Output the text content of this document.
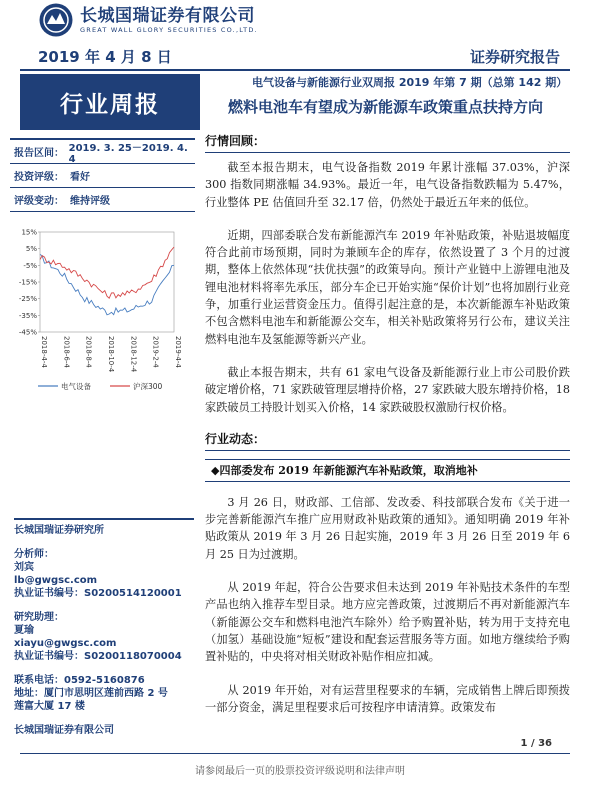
长城国瑞证券有限公司
GREAT WALL GLORY SECURITIES CO.,LTD.
2019 年 4 月 8 日	证券研究报告
行业周报
电气设备与新能源行业双周报 2019 年第 7 期（总第 142 期）
燃料电池车有望成为新能源车政策重点扶持方向
报告区间： 2019. 3. 25－2019. 4. 4
投资评级： 看好
评级变动： 维持评级
15%
5%
-5%
-15%
-25%
-35%
-45%
2018-4-4 2018-6-4 2018-8-4 2018-10-4 2018-12-4 2019-2-4 2019-4-4
电气设备	沪深300
长城国瑞证券研究所
分析师：
刘宾
lb@gwgsc.com
执业证书编号：S0200514120001
研究助理：
夏瑜
xiayu@gwgsc.com
执业证书编号：S0200118070004
联系电话：0592-5160876
地址：厦门市思明区莲前西路 2 号
莲富大厦 17 楼
长城国瑞证券有限公司
行情回顾：

截至本报告期末，电气设备指数 2019 年累计涨幅 37.03%，沪深 300 指数同期涨幅 34.93%。最近一年，电气设备指数跌幅为 5.47%，行业整体 PE 估值回升至 32.17 倍，仍然处于最近五年来的低位。

近期，四部委联合发布新能源汽车 2019 年补贴政策，补贴退坡幅度符合此前市场预期，同时为兼顾车企的库存，依然设置了 3 个月的过渡期，整体上依然体现“扶优扶强”的政策导向。预计产业链中上游锂电池及锂电池材料将率先承压，部分车企已开始实施“保价计划”也将加剧行业竞争，加重行业运营资金压力。值得引起注意的是，本次新能源车补贴政策不包含燃料电池车和新能源公交车，相关补贴政策将另行公布，建议关注燃料电池车及氢能源等新兴产业。

截止本报告期末，共有 61 家电气设备及新能源行业上市公司股价跌破定增价格，71 家跌破管理层增持价格，27 家跌破大股东增持价格，18 家跌破员工持股计划买入价格，14 家跌破股权激励行权价格。

行业动态：
◆四部委发布 2019 年新能源汽车补贴政策，取消地补

3 月 26 日，财政部、工信部、发改委、科技部联合发布《关于进一步完善新能源汽车推广应用财政补贴政策的通知》。通知明确 2019 年补贴政策从 2019 年 3 月 26 日起实施，2019 年 3 月 26 日至 2019 年 6 月 25 日为过渡期。

从 2019 年起，符合公告要求但未达到 2019 年补贴技术条件的车型产品也纳入推荐车型目录。地方应完善政策，过渡期后不再对新能源汽车（新能源公交车和燃料电池汽车除外）给予购置补贴，转为用于支持充电（加氢）基础设施“短板”建设和配套运营服务等方面。如地方继续给予购置补贴的，中央将对相关财政补贴作相应扣减。

从 2019 年开始，对有运营里程要求的车辆，完成销售上牌后即预拨一部分资金，满足里程要求后可按程序申请清算。政策发布

1 / 36
请参阅最后一页的股票投资评级说明和法律声明
